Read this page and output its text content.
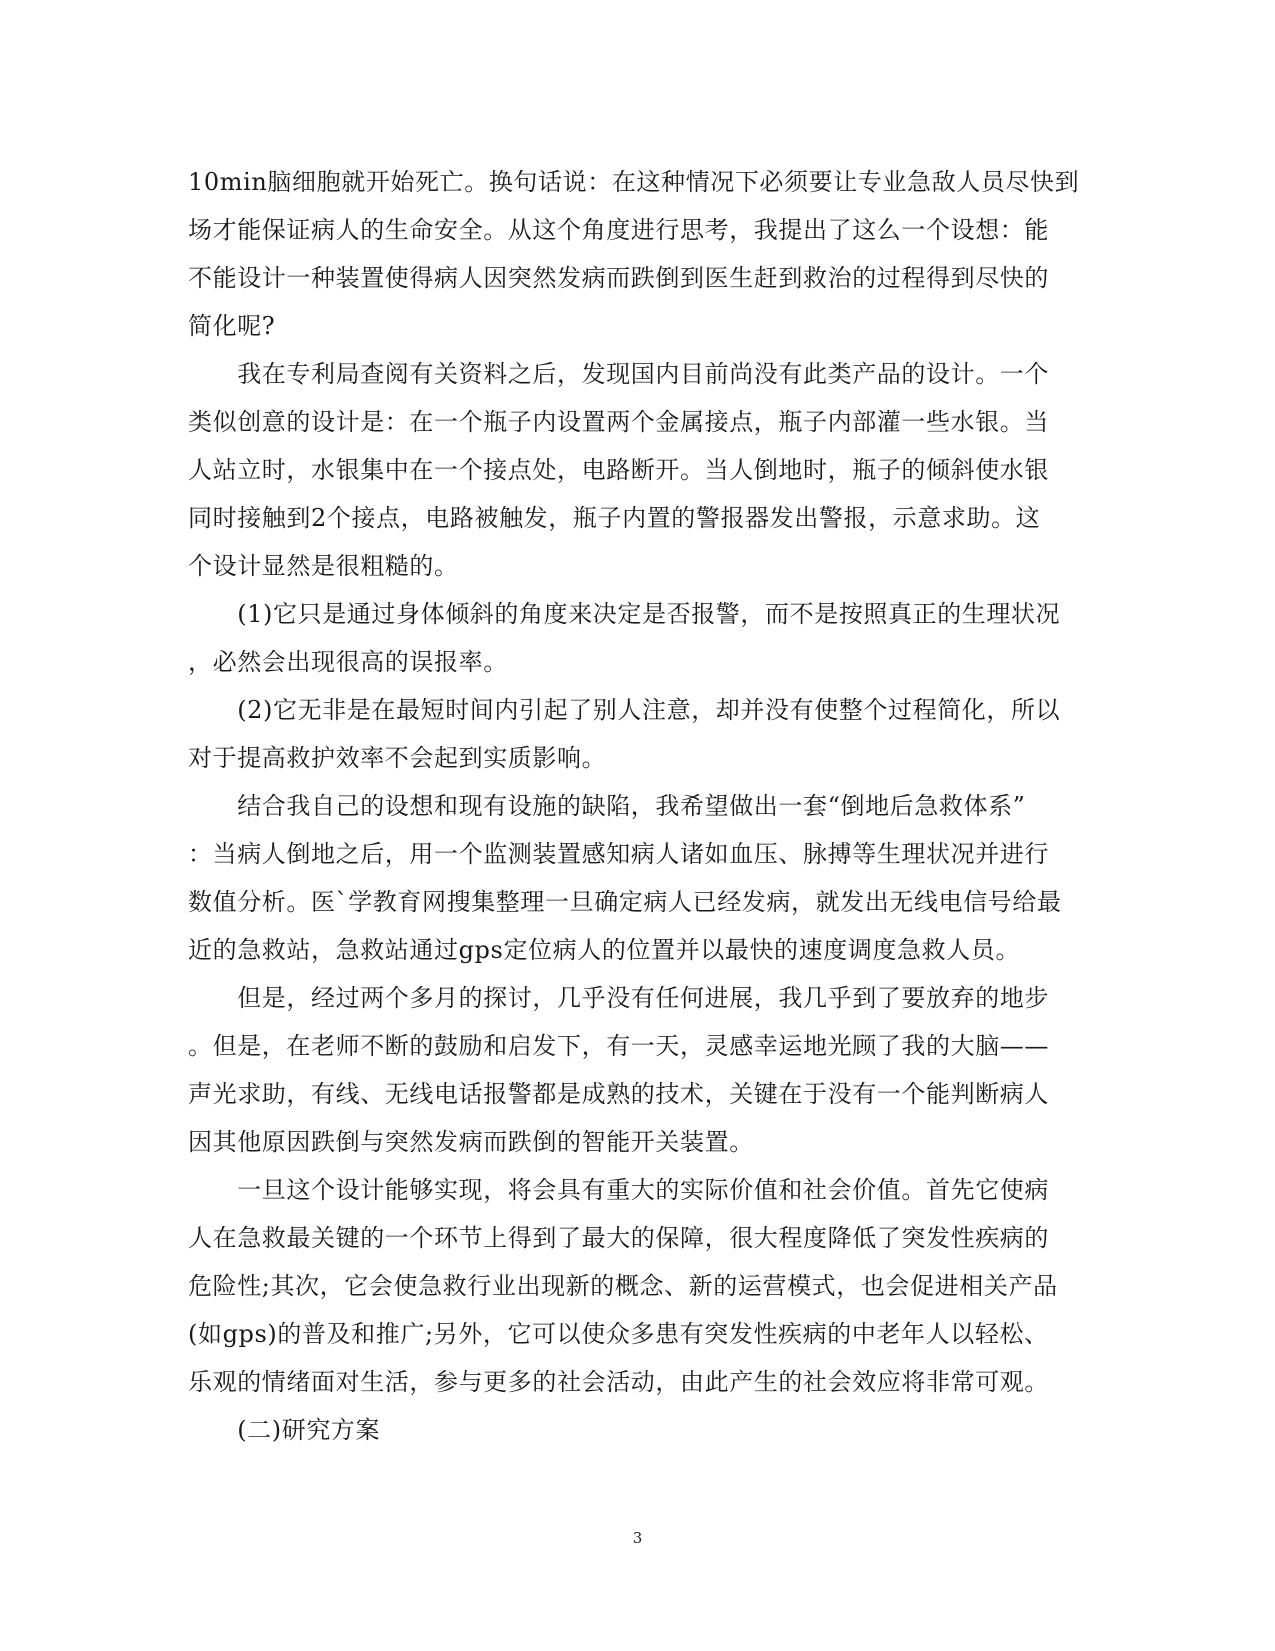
10min脑细胞就开始死亡。换句话说：在这种情况下必须要让专业急敌人员尽快到
场才能保证病人的生命安全。从这个角度进行思考，我提出了这么一个设想：能
不能设计一种装置使得病人因突然发病而跌倒到医生赶到救治的过程得到尽快的
简化呢?
　　我在专利局查阅有关资料之后，发现国内目前尚没有此类产品的设计。一个
类似创意的设计是：在一个瓶子内设置两个金属接点，瓶子内部灌一些水银。当
人站立时，水银集中在一个接点处，电路断开。当人倒地时，瓶子的倾斜使水银
同时接触到2个接点，电路被触发，瓶子内置的警报器发出警报，示意求助。这
个设计显然是很粗糙的。
　　(1)它只是通过身体倾斜的角度来决定是否报警，而不是按照真正的生理状况
，必然会出现很高的误报率。
　　(2)它无非是在最短时间内引起了别人注意，却并没有使整个过程简化，所以
对于提高救护效率不会起到实质影响。
　　结合我自己的设想和现有设施的缺陷，我希望做出一套“倒地后急救体系”
：当病人倒地之后，用一个监测装置感知病人诸如血压、脉搏等生理状况并进行
数值分析。医`学教育网搜集整理一旦确定病人已经发病，就发出无线电信号给最
近的急救站，急救站通过gps定位病人的位置并以最快的速度调度急救人员。
　　但是，经过两个多月的探讨，几乎没有任何进展，我几乎到了要放弃的地步
。但是，在老师不断的鼓励和启发下，有一天，灵感幸运地光顾了我的大脑——
声光求助，有线、无线电话报警都是成熟的技术，关键在于没有一个能判断病人
因其他原因跌倒与突然发病而跌倒的智能开关装置。
　　一旦这个设计能够实现，将会具有重大的实际价值和社会价值。首先它使病
人在急救最关键的一个环节上得到了最大的保障，很大程度降低了突发性疾病的
危险性;其次，它会使急救行业出现新的概念、新的运营模式，也会促进相关产品
(如gps)的普及和推广;另外，它可以使众多患有突发性疾病的中老年人以轻松、
乐观的情绪面对生活，参与更多的社会活动，由此产生的社会效应将非常可观。
　　(二)研究方案
3
